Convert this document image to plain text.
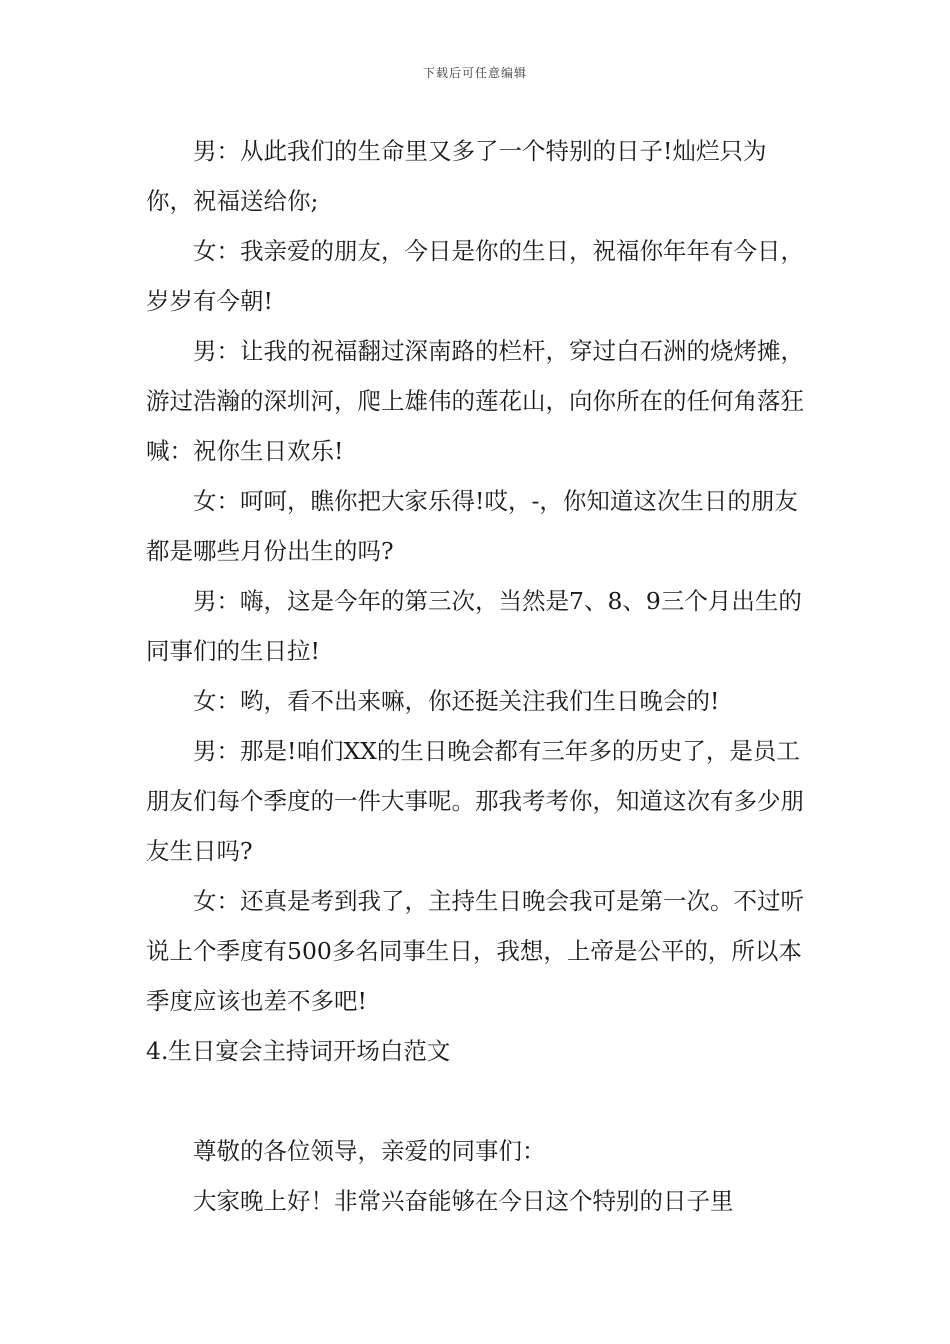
下载后可任意编辑

男：从此我们的生命里又多了一个特别的日子!灿烂只为你，祝福送给你;

女：我亲爱的朋友，今日是你的生日，祝福你年年有今日，岁岁有今朝!

男：让我的祝福翻过深南路的栏杆，穿过白石洲的烧烤摊，游过浩瀚的深圳河，爬上雄伟的莲花山，向你所在的任何角落狂喊：祝你生日欢乐!

女：呵呵，瞧你把大家乐得!哎，-，你知道这次生日的朋友都是哪些月份出生的吗?

男：嗨，这是今年的第三次，当然是7、8、9三个月出生的同事们的生日拉!

女：哟，看不出来嘛，你还挺关注我们生日晚会的!

男：那是!咱们XX的生日晚会都有三年多的历史了，是员工朋友们每个季度的一件大事呢。那我考考你，知道这次有多少朋友生日吗?

女：还真是考到我了，主持生日晚会我可是第一次。不过听说上个季度有500多名同事生日，我想，上帝是公平的，所以本季度应该也差不多吧!

4.生日宴会主持词开场白范文

尊敬的各位领导，亲爱的同事们：

大家晚上好！非常兴奋能够在今日这个特别的日子里
